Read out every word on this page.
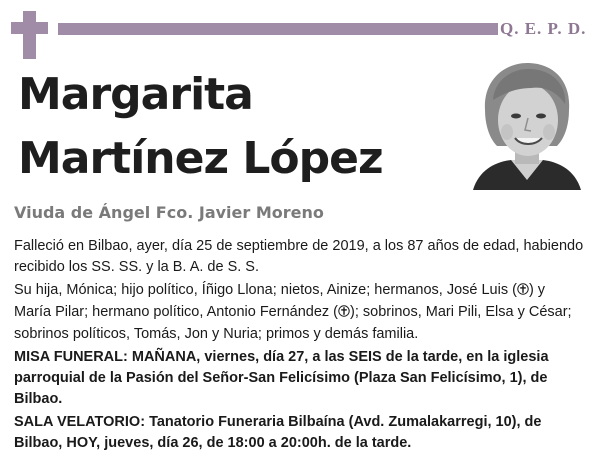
Q. E. P. D.
Margarita
Martínez López
Viuda de Ángel Fco. Javier Moreno

Falleció en Bilbao, ayer, día 25 de septiembre de 2019, a los 87 años de edad, habiendo recibido los SS. SS. y la B. A. de S. S.

Su hija, Mónica; hijo político, Íñigo Llona; nietos, Ainize; hermanos, José Luis ( ) y María Pilar; hermano político, Antonio Fernández ( ); sobrinos, Mari Pili, Elsa y César; sobrinos políticos, Tomás, Jon y Nuria; primos y demás familia.

MISA FUNERAL: MAÑANA, viernes, día 27, a las SEIS de la tarde, en la iglesia parroquial de la Pasión del Señor-San Felicísimo (Plaza San Felicísimo, 1), de Bilbao.

SALA VELATORIO: Tanatorio Funeraria Bilbaína (Avd. Zumalakarregi, 10), de Bilbao, HOY, jueves, día 26, de 18:00 a 20:00h. de la tarde.
